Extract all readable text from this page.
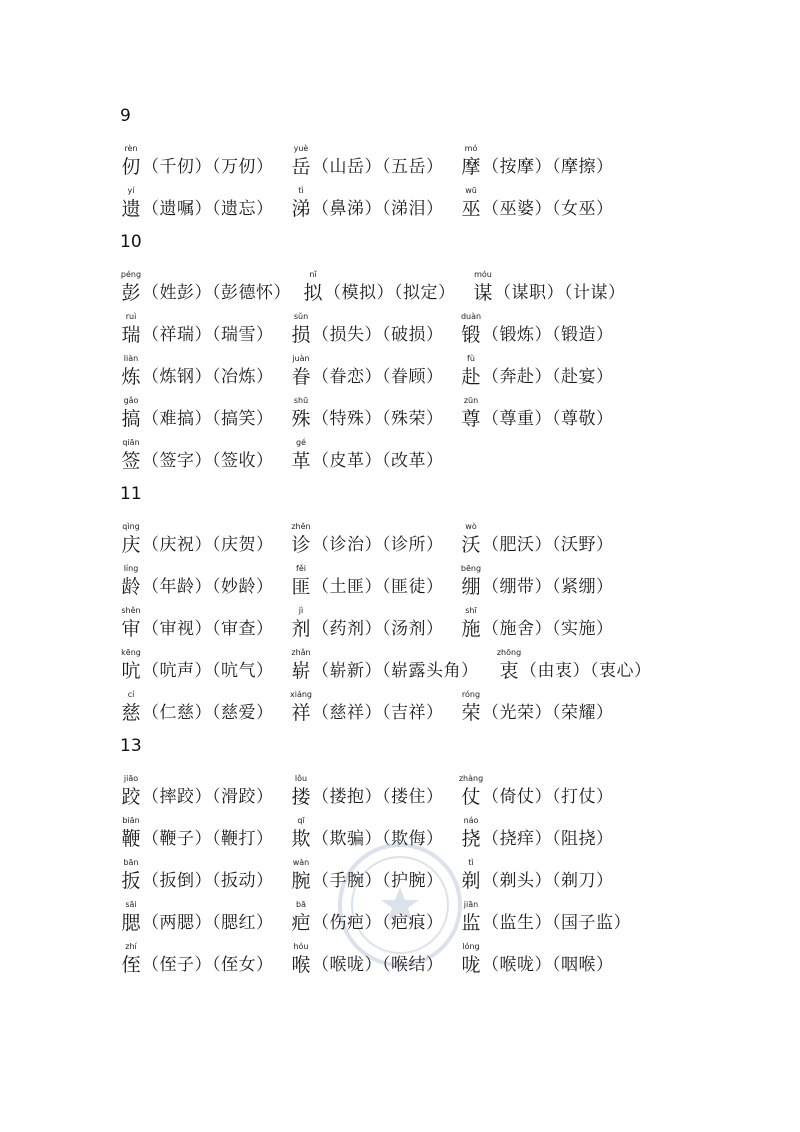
9
rèn
仞（千仞）（万仞）
yuè
岳（山岳）（五岳）
mó
摩（按摩）（摩擦）
yí
遗（遗嘱）（遗忘）
tì
涕（鼻涕）（涕泪）
wū
巫（巫婆）（女巫）
10
péng
彭（姓彭）（彭德怀）
nǐ
拟（模拟）（拟定）
móu
谋（谋职）（计谋）
ruì
瑞（祥瑞）（瑞雪）
sǔn
损（损失）（破损）
duàn
锻（锻炼）（锻造）
liàn
炼（炼钢）（冶炼）
juàn
眷（眷恋）（眷顾）
fù
赴（奔赴）（赴宴）
gǎo
搞（难搞）（搞笑）
shū
殊（特殊）（殊荣）
zūn
尊（尊重）（尊敬）
qiān
签（签字）（签收）
gé
革（皮革）（改革）
11
qìng
庆（庆祝）（庆贺）
zhěn
诊（诊治）（诊所）
wò
沃（肥沃）（沃野）
líng
龄（年龄）（妙龄）
fěi
匪（土匪）（匪徒）
bēng
绷（绷带）（紧绷）
shěn
审（审视）（审查）
jì
剂（药剂）（汤剂）
shī
施（施舍）（实施）
kēng
吭（吭声）（吭气）
zhǎn
崭（崭新）（崭露头角）
zhōng
衷（由衷）（衷心）
cí
慈（仁慈）（慈爱）
xiáng
祥（慈祥）（吉祥）
róng
荣（光荣）（荣耀）
13
jiāo
跤（摔跤）（滑跤）
lǒu
搂（搂抱）（搂住）
zhàng
仗（倚仗）（打仗）
biān
鞭（鞭子）（鞭打）
qī
欺（欺骗）（欺侮）
náo
挠（挠痒）（阻挠）
bān
扳（扳倒）（扳动）
wàn
腕（手腕）（护腕）
tì
剃（剃头）（剃刀）
sāi
腮（两腮）（腮红）
bā
疤（伤疤）（疤痕）
jiān
监（监生）（国子监）
zhí
侄（侄子）（侄女）
hóu
喉（喉咙）（喉结）
lóng
咙（喉咙）（咽喉）
